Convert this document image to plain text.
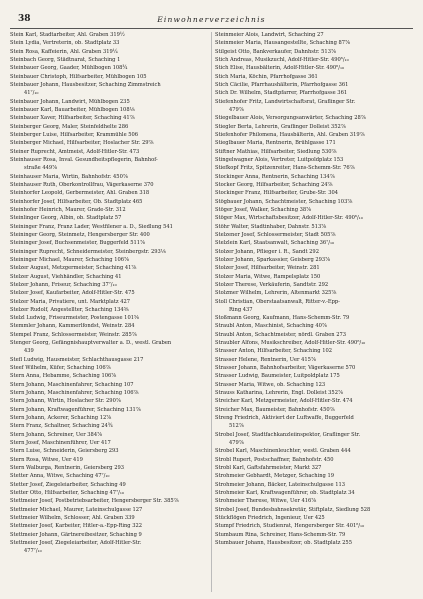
38	Einwohnerverzeichnis
Stein Karl, Stadtarbeiter, Ahl. Graben 319½
Stein Lydia, Vertreterin, ob. Stadtplatz 33
Stein Rosa, Kaffeierin, Ahl. Graben 319¼
Steinbach Georg, Städtnarat, Schaching 1
Steinbauer Georg, Gaader, Mühlbogen 108¾
Steinbauer Christoph, Hilfsarbeiter, Mühlbogen 105
Steinbauer Johann, Hausbesitzer, Schaching Zimmstreich
41⁷/₁₀
Steinbauer Johann, Landwirt, Mühlbogen 235
Steinbauer Karl, Bauarbeiter, Mühlbogen 108⅛
Steinbauer Xaver, Hilfsarbeiter, Schaching 41⅞
Steinberger Georg, Maler, Steinfeldhelte 286
Steinberger Luise, Hilfsarbeiter, Krammühle 506
Steinberger Michael, Hilfsarbeiter, Hoslacher Str. 29⅞
Steiner Ruprecht, Amtmeist, Adolf-Hitler-Str. 473
Steinhauser Rosa, Inval. Gesundheitspflegerin, Bahnhof-
straße 449⅞
Steinhauser Maria, Wirtin, Bahnhofstr. 450⅞
Steinhauser Ruth, Oberkontrollfrau, Vägerkaserne 370
Steinhorfer Leopold, Gerbermeister, Ahl. Graben 318
Steinhorfer Josef, Hilfsarbeiter, Ob. Stadtplatz 465
Steinhofer Heinrich, Maurer, Grade-Str. 312
Steinlinger Georg, Albin, ob. Stadtplatz 57
Steininger Franz, Franz Lader, Westfilener a. D., Siedlung 541
Steininger Georg, Steinmetz, Hengersberger Str. 400
Steininger Josef, Buchsenmeister, Buggerfeld 511⅞
Steininger Ruprecht, Schneidermeister, Steinbergstr. 293⅛
Steininger Michael, Maurer, Schaching 106⅞
Stelzer August, Metzgermeister, Schaching 41⅞
Stelzer August, Viehhändler, Schaching 41
Stelzer Johann, Friseur, Schaching 37⁷/₁₀
Stelzer Josef, Kaufarbeiter, Adolf-Hitler-Str. 475
Stelzer Maria, Privatiere, unt. Marktplatz 427
Stelzer Rudolf, Angestellter, Schaching 134⅜
Stelzl Ludwig, Friseurmeister, Postengasse 101⅝
Stemmler Johann, Kammerlfondst, Weinstr. 284
Stempel Franz, Schlossermeister, Weinstr. 285⅞
Stenger Georg, Gefängnishauptverwalter a. D., westl. Graben
439
Stefl Ludwig, Hausmeister, Schlachthausgasse 217
Steef Wilhelm, Küfer, Schaching 106⅞
Stern Anna, Hebamme, Schaching 106⅞
Stern Johann, Maschinenfahrer, Schaching 107
Stern Johann, Maschinenfahrer, Schaching 106⅞
Stern Johann, Wirtin, Hoslacher Str. 290⅞
Stern Johann, Kraftwagenführer, Schaching 131⅞
Stern Johann, Ackerer, Schaching 12⅞
Stern Franz, Schaltner, Schaching 24¾
Stern Johann, Schreiner, Uer 384⅞
Stern Josef, Maschinenführer, Uer 417
Stern Luise, Schneiderin, Geiersberg 293
Stern Rosa, Witwe, Uer 419
Stern Walburga, Rentnerin, Geiersberg 293
Stetter Anna, Witwe, Schaching 47⁷/₁₀
Stetter Josef, Ziegeleiarbeiter, Schaching 49
Stetter Otto, Hilfsarbeiter, Schaching 47⁷/₁₀
Stettmeier Josef, Postbetriebsarbeiter, Hengersberger Str. 385⅞
Stettmeier Michael, Maurer, Lateinschulgasse 127
Stettmeier Wilhelm, Schlosser, Ahl. Graben 339
Stettmeier Josef, Karbeiter, Hitler-a.-Epp-Ring 322
Stettmeier Johann, Gärtnereibesitzer, Schaching 9
Stettmeier Josef, Ziegeleiarbeiter, Adolf-Hitler-Str.
477⁷/₁₀
Steinmeier Alois, Landwirt, Schaching 27
Steinmeier Maria, Hausangestellte, Schaching 87⅞
Stilgeist Otto, Bankverkaufer, Dahnhstr. 513⅞
Stich Andreas, Musikzuchl, Adolf-Hitler-Str. 490⁶/₁₀
Stich Elise, Hausbälterin, Adolf-Hitler-Str. 490⁶/₁₀
Stich Maria, Köchin, Pfarrhofgasse 361
Stich Cäcilie, Pfarrhaushälterin, Pfarrhofgasse 361
Stich Dr. Wilhelm, Stadtpfarrer, Pfarrhofgasse 361
Stiefenhofer Fritz, Landwirtschaftsrat, Graflinger Str.
479⅞
Stiegelbauer Alois, Versorgungsanwärter, Schaching 28⅞
Stiegler Berta, Lehrerin, Graflinger Dolleist 352⅞
Stiefenhofer Philomena, Hausbälterin, Ahl. Graben 319⅞
Stieglbauer Maria, Rentnerin, Brühlgasse 171
Stiftner Mathias, Hilfsarbeiter, Siedlung 530⅞
Stingelwagner Alois, Vertreter, Luitpoldplatz 153
Stiefkopf Fritz, Spitzenreiter, Hans-Schemm-Str. 76⅞
Stockinger Anna, Rentnerin, Schaching 134⅞
Stocker Georg, Hilfsarbeiter, Schaching 24⅞
Stockinger Franz, Hilfsarbeiter, Grube-Str. 304
Stögbauer Johann, Schachtmeister, Schaching 103⅞
Stöger Josef, Walker, Schaching 38⅞
Stöger Max, Wirtschaftsbesitzer, Adolf-Hitler-Str. 490⁶/₁₀
Stöhr Walter, Stadtinhaber, Dahnstr. 513⅞
Stelzener Josef, Schlossermeister, Stadt 505⅞
Stelzlein Karl, Staatsanwalt, Schaching 36⁷/₁₀
Stolzer Johann, Pflieger i. R., Sandt 292
Stolzer Johann, Sparkassier, Geisberg 293⅞
Stolzer Josef, Hilfsarbeiter, Weinstr. 281
Stolzer Maria, Witwe, Rampelsplatz 150
Stolzer Therese, Verkäuferin, Sandtstr. 292
Stolzmer Wilhelm, Lehrerin, Altenmarkt 325⅞
Stoll Christian, Oberstaatsanwalt, Ritter-v.-Epp-
Ring 437
Stoßmann Georg, Kaufmann, Hans-Schemm-Str. 79
Straubl Anton, Maschinist, Schaching 40⅞
Straubl Anton, Schachtmeister, nördl. Graben 273
Straubler Alfons, Musikschreiber, Adolf-Hitler-Str. 490⁶/₁₀
Strasser Anton, Hilfsarbeiter, Schaching 102
Strasser Helene, Rentnerin, Uer 415⅞
Strasser Johann, Bahnhofsarbeiter, Vägerkaserne 570
Strasser Ludwig, Baumeister, Luitpoldplatz 175
Strasser Maria, Witwe, ob. Schaching 123
Strauss Katharina, Lehrerin, Engl. Dolleist 352⅞
Streicher Karl, Metzgermeister, Adolf-Hitler-Str. 474
Streicher Max, Baumeister, Bahnhofstr. 450⅞
Streng Friedrich, Aktiviert der Luftwaffe, Buggerfeld
512⅞
Strobel Josef, Stadtfachkanzleiinspektor, Graflinger Str.
479⅞
Strobel Karl, Maschinenleuchter, westl. Graben 444
Strobl Rupert, Postschaffner, Bahnhofstr. 450
Strobl Karl, Gaftsfahrmeister, Markt 327
Strohmeier Gebhardt, Metzger, Schaching 19
Strohmeier Johann, Bäcker, Lateinschulgasse 113
Strohmeier Karl, Kraftwagenführer, ob. Stadtplatz 34
Strohmeier Therese, Witwe, Uer 416⅞
Strobel Josef, Bundesbahnsekretär, Stiftplatz, Siedlung 528
Stückflögen Friedrich, Ingenieur, Uer 425
Stumpf Friedrich, Studienrat, Hengersberger Str. 401⁶/₁₀
Stumbaum Rina, Schreiner, Hans-Schemm-Str. 79
Stumbauer Johann, Hausbesitzer, ob. Stadtplatz 255
